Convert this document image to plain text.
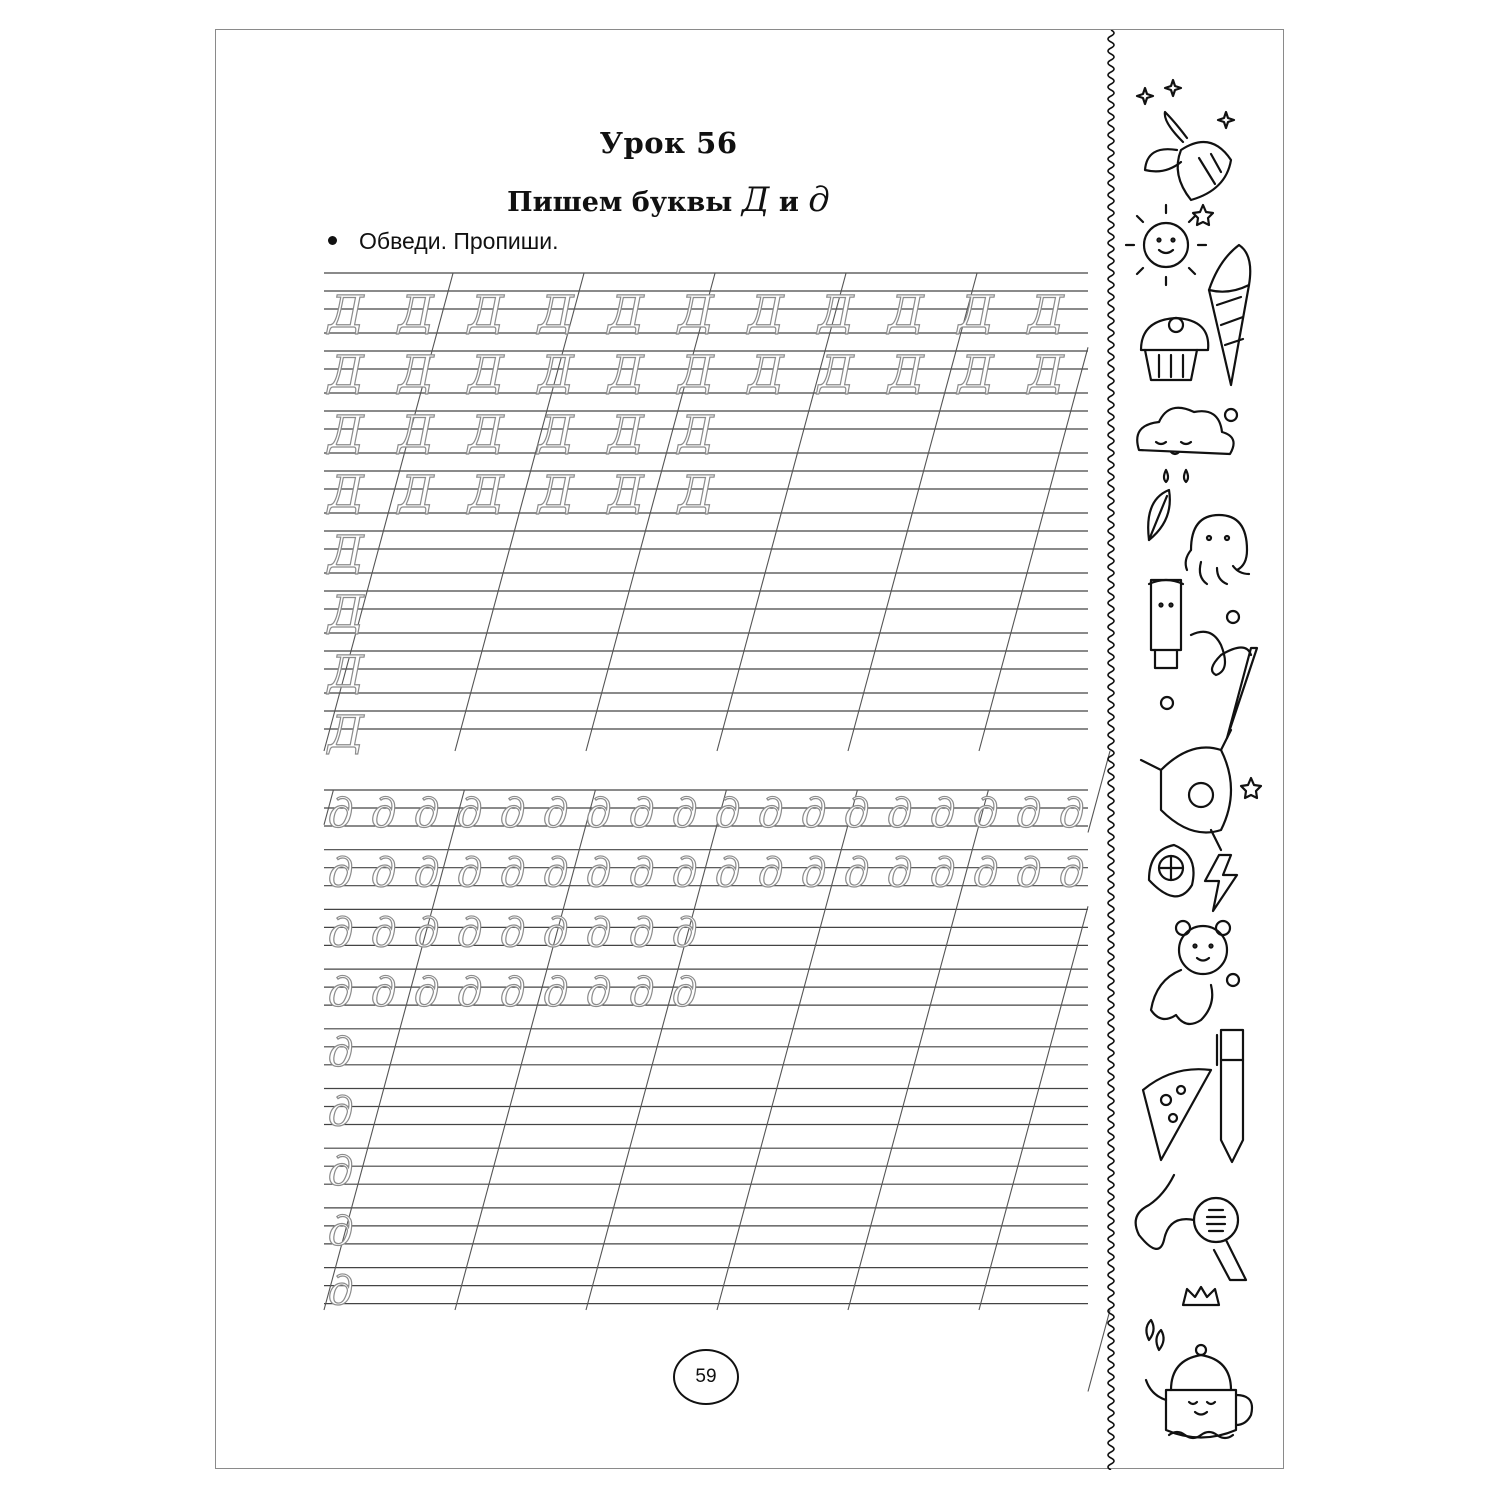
Урок 56
Пишем буквы Д и д
Обведи. Пропиши.
Д Д Д Д Д Д Д Д Д Д Д
Д Д Д Д Д Д Д Д Д Д Д
Д Д Д Д Д Д
Д Д Д Д Д Д
Д
Д
Д
Д
д д д д д д д д д д д д д д д д д д
д д д д д д д д д д д д д д д д д д
д д д д д д д д д
д д д д д д д д д
д
д
д
д
д
59
